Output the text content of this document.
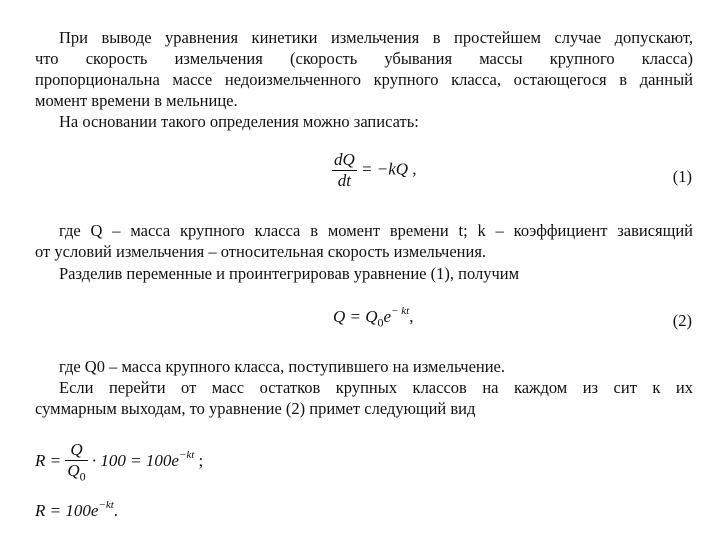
При выводе уравнения кинетики измельчения в простейшем случае допускают,
что скорость измельчения (скорость убывания массы крупного класса)
пропорциональна массе недоизмельченного крупного класса, остающегося в данный
момент времени в мельнице.
На основании такого определения можно записать:
$\frac{dQ}{dt} = -kQ$ ,	(1)
где Q – масса крупного класса в момент времени t; k – коэффициент зависящий
от условий измельчения – относительная скорость измельчения.
Разделив переменные и проинтегрировав уравнение (1), получим
$Q = Q_0e^{- kt}$,	(2)
где Q0 – масса крупного класса, поступившего на измельчение.
Если перейти от масс остатков крупных классов на каждом из сит к их
суммарным выходам, то уравнение (2) примет следующий вид
$R = \frac{Q}{Q_0} \cdot 100 = 100e^{-kt}$ ;
$R = 100e^{-kt}$.
